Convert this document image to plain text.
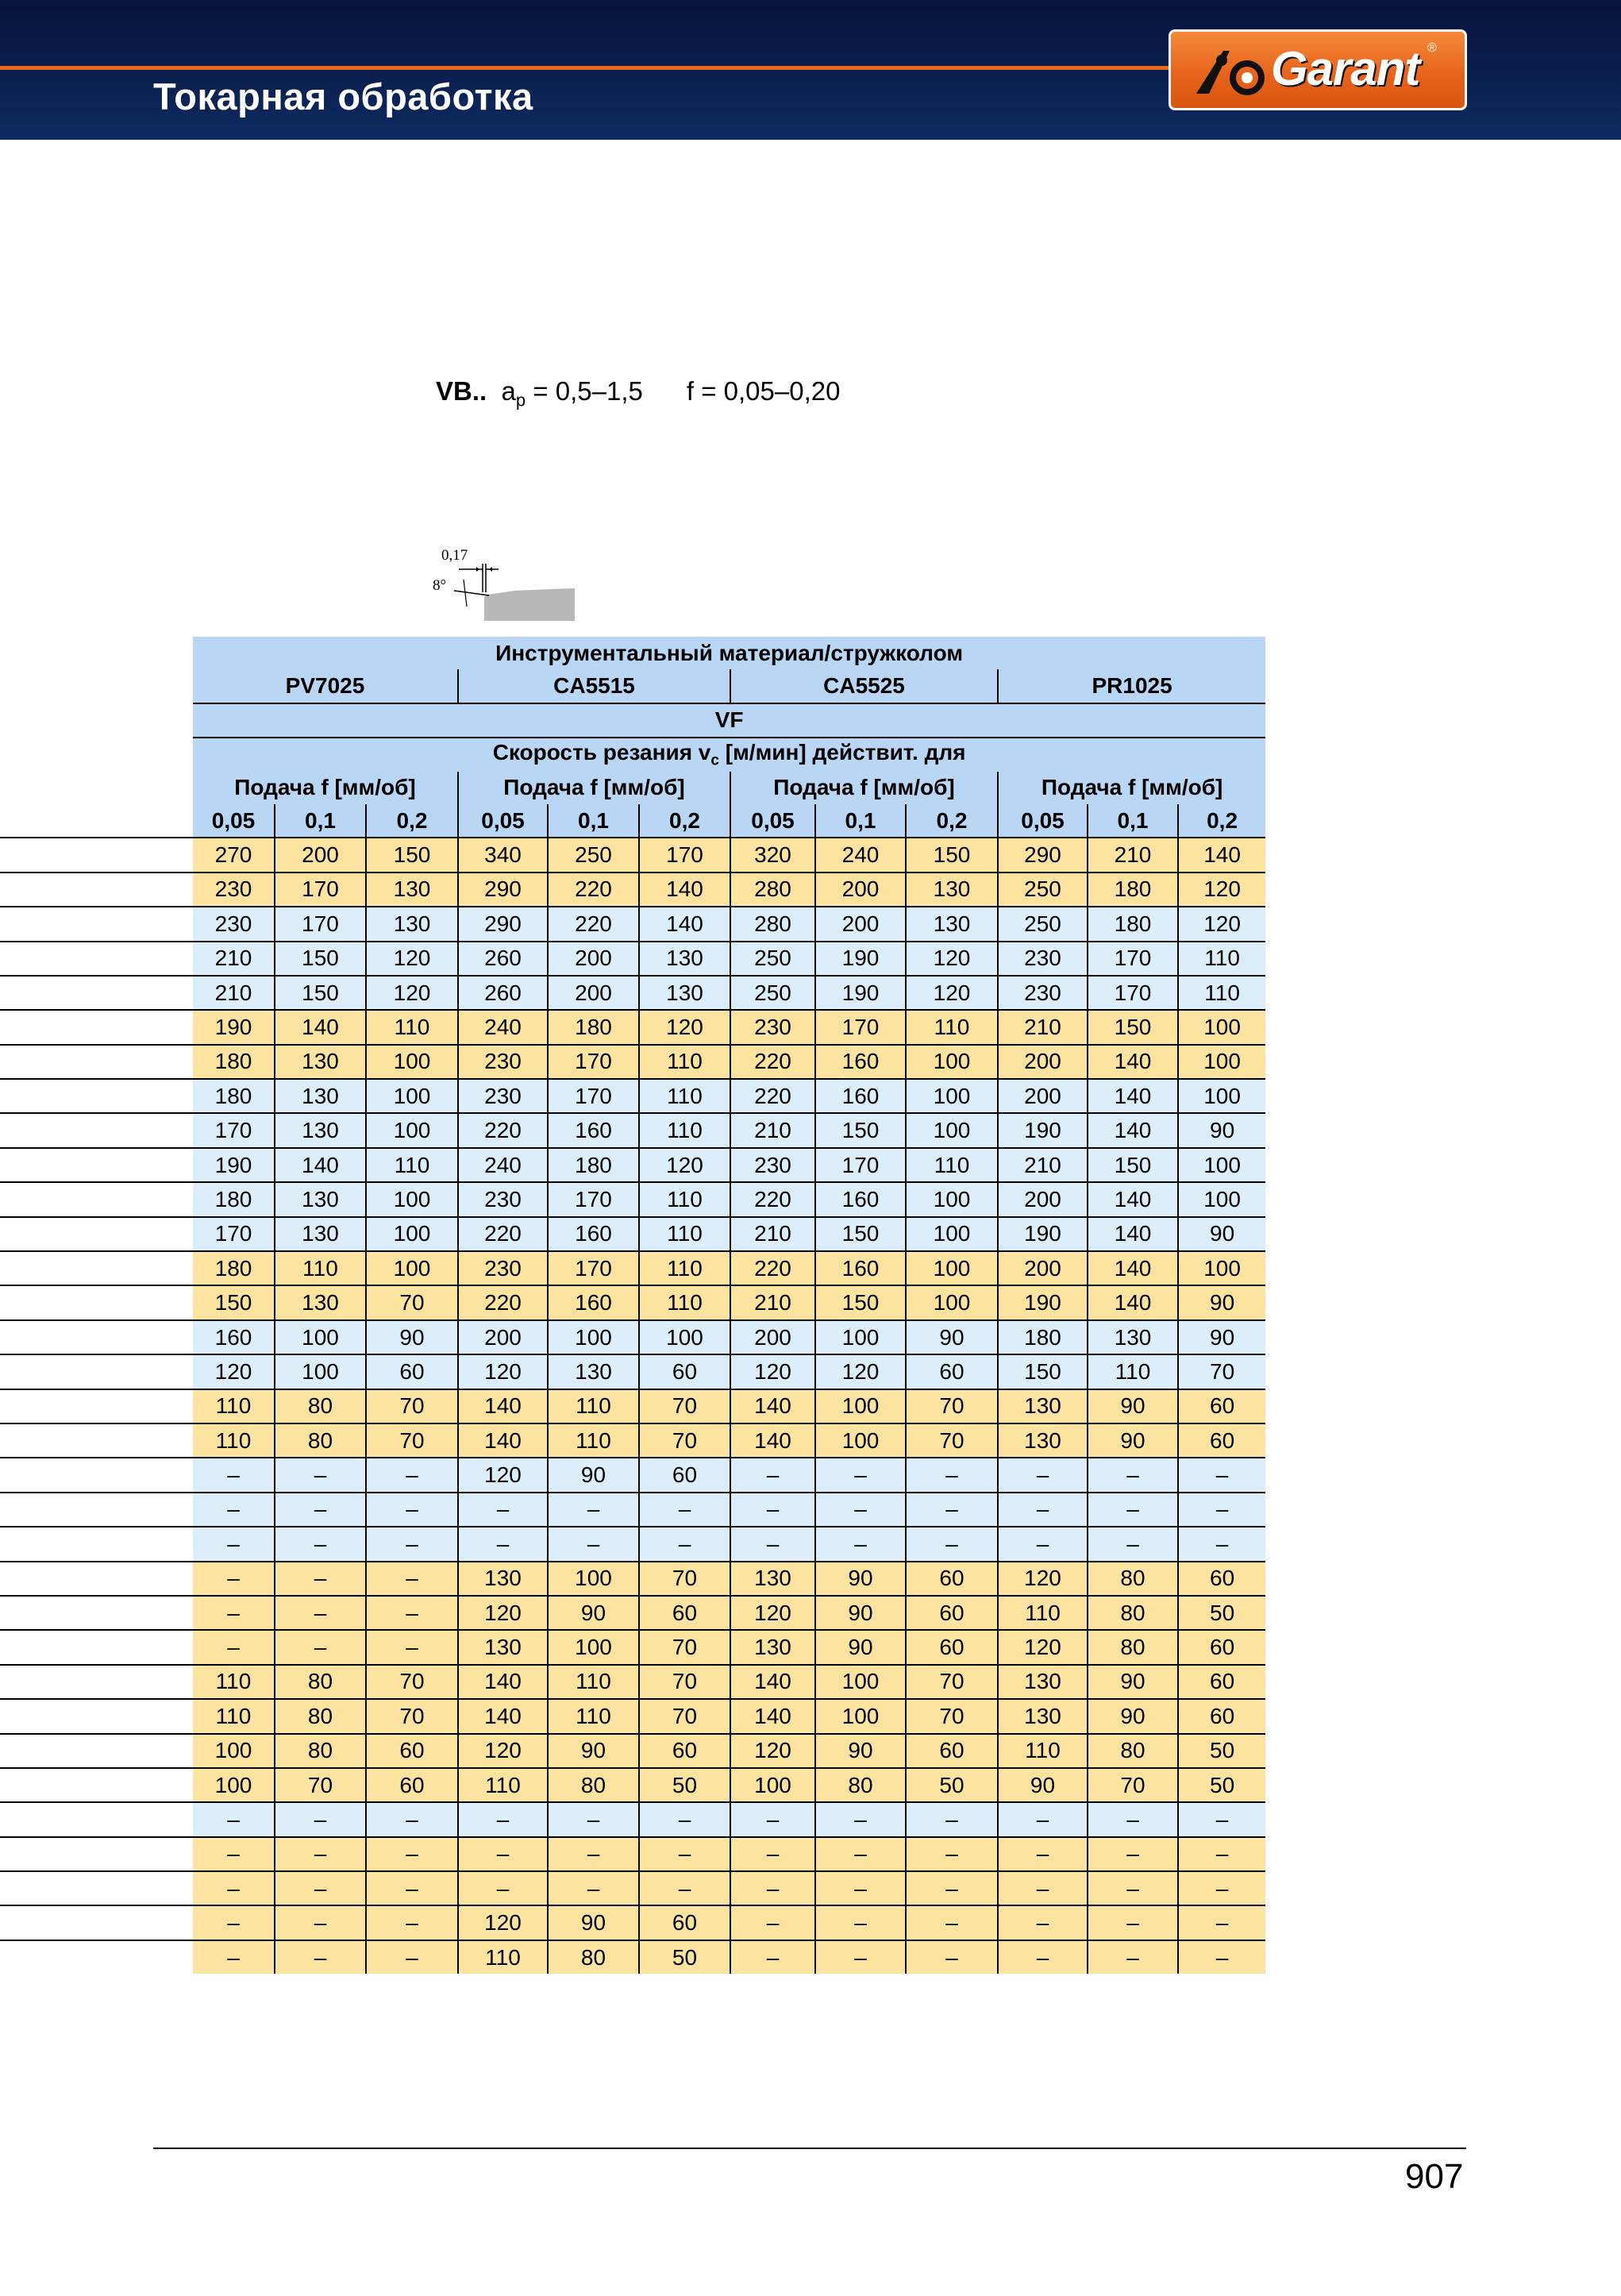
Токарная обработка
Garant ®
VB.. $a_p = 0,5-1,5$ f = 0,05–0,20
0,17
8°
	Инструментальный материал/стружколом											
	PV7025			CA5515			CA5525			PR1025		
	VF											
	Скорость резания $v_c$ [м/мин] действит. для											
	Подача f [мм/об]			Подача f [мм/об]			Подача f [мм/об]			Подача f [мм/об]		
	0,05	0,1	0,2	0,05	0,1	0,2	0,05	0,1	0,2	0,05	0,1	0,2
	270	200	150	340	250	170	320	240	150	290	210	140
	230	170	130	290	220	140	280	200	130	250	180	120
	230	170	130	290	220	140	280	200	130	250	180	120
	210	150	120	260	200	130	250	190	120	230	170	110
	210	150	120	260	200	130	250	190	120	230	170	110
	190	140	110	240	180	120	230	170	110	210	150	100
	180	130	100	230	170	110	220	160	100	200	140	100
	180	130	100	230	170	110	220	160	100	200	140	100
	170	130	100	220	160	110	210	150	100	190	140	90
	190	140	110	240	180	120	230	170	110	210	150	100
	180	130	100	230	170	110	220	160	100	200	140	100
	170	130	100	220	160	110	210	150	100	190	140	90
	180	110	100	230	170	110	220	160	100	200	140	100
	150	130	70	220	160	110	210	150	100	190	140	90
	160	100	90	200	100	100	200	100	90	180	130	90
	120	100	60	120	130	60	120	120	60	150	110	70
	110	80	70	140	110	70	140	100	70	130	90	60
	110	80	70	140	110	70	140	100	70	130	90	60
	–	–	–	120	90	60	–	–	–	–	–	–
	–	–	–	–	–	–	–	–	–	–	–	–
	–	–	–	–	–	–	–	–	–	–	–	–
	–	–	–	130	100	70	130	90	60	120	80	60
	–	–	–	120	90	60	120	90	60	110	80	50
	–	–	–	130	100	70	130	90	60	120	80	60
	110	80	70	140	110	70	140	100	70	130	90	60
	110	80	70	140	110	70	140	100	70	130	90	60
	100	80	60	120	90	60	120	90	60	110	80	50
	100	70	60	110	80	50	100	80	50	90	70	50
	–	–	–	–	–	–	–	–	–	–	–	–
	–	–	–	–	–	–	–	–	–	–	–	–
	–	–	–	–	–	–	–	–	–	–	–	–
	–	–	–	120	90	60	–	–	–	–	–	–
	–	–	–	110	80	50	–	–	–	–	–	–
907
